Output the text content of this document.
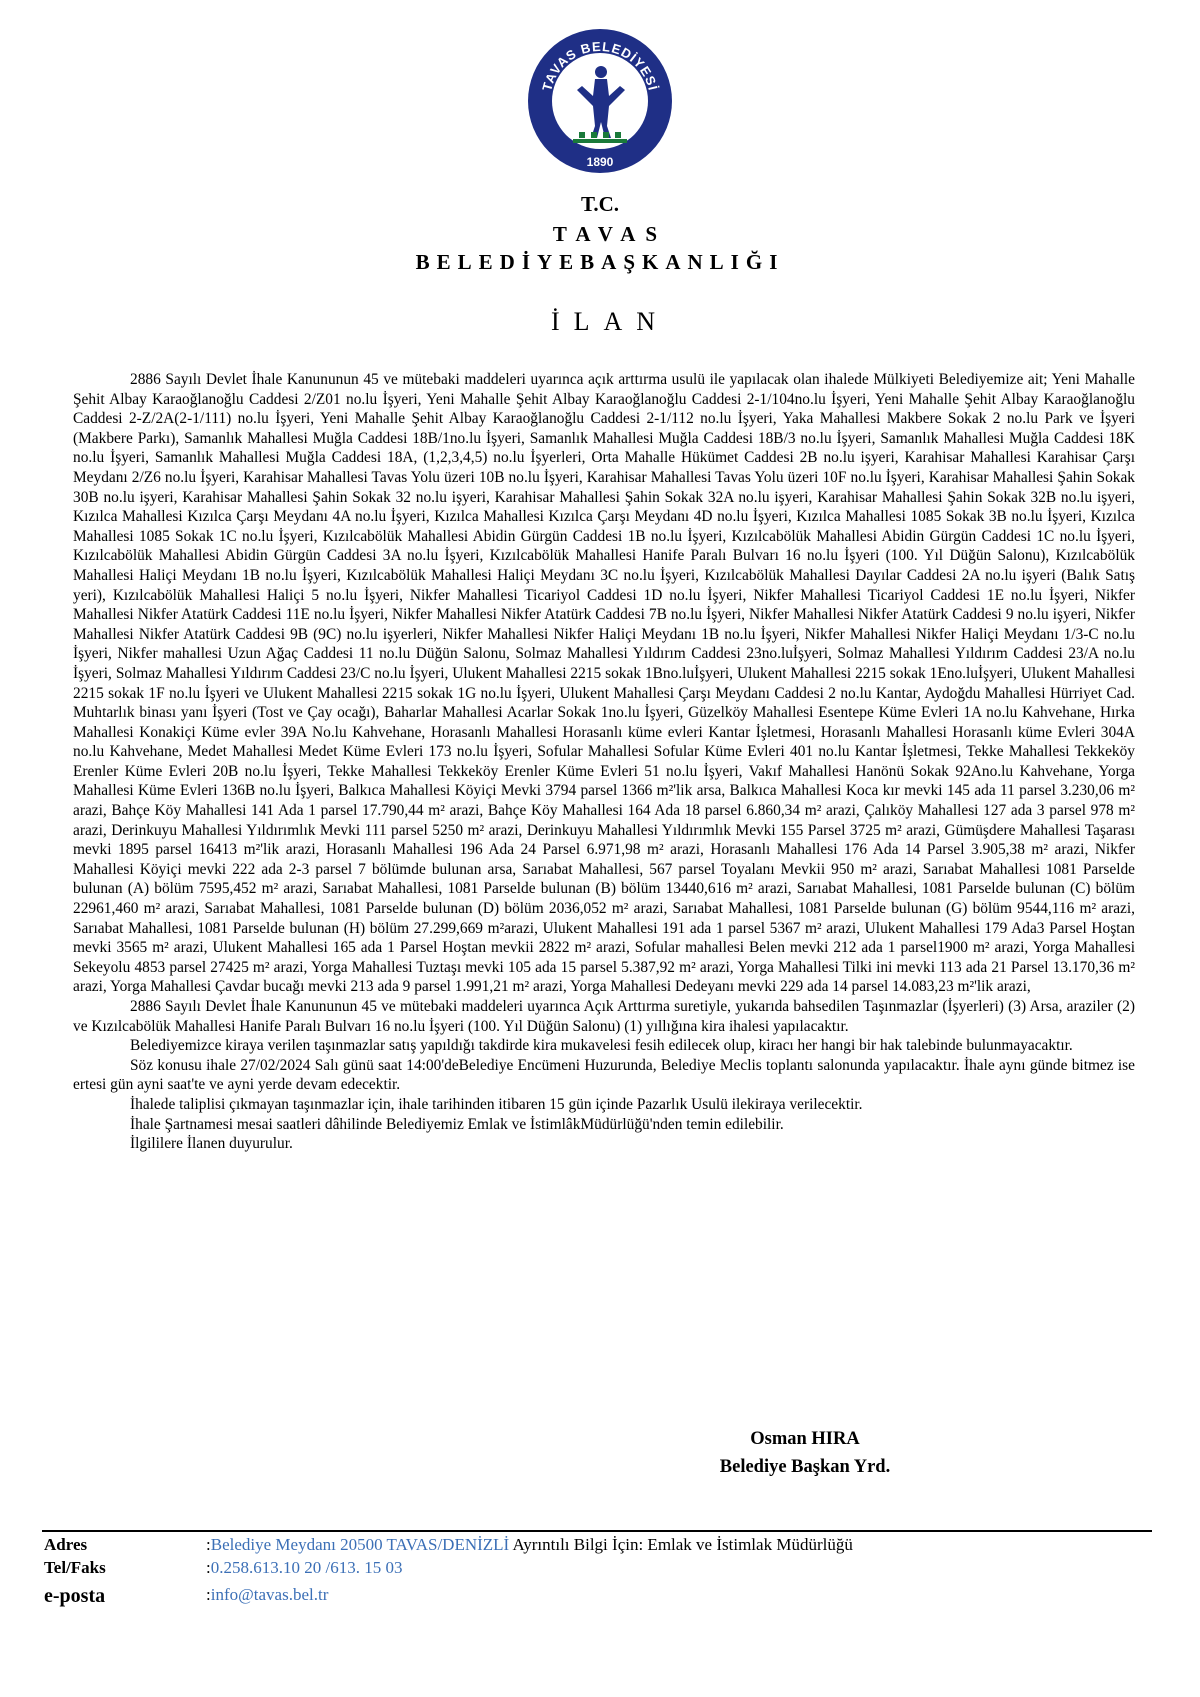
TAVAS BELEDİYESİ
1890
T.C.
TAVAS
BELEDİYEBAŞKANLIĞI
İLAN

2886 Sayılı Devlet İhale Kanununun 45 ve mütebaki maddeleri uyarınca açık arttırma usulü ile yapılacak olan ihalede Mülkiyeti Belediyemize ait; Yeni Mahalle Şehit Albay Karaoğlanoğlu Caddesi 2/Z01 no.lu İşyeri, Yeni Mahalle Şehit Albay Karaoğlanoğlu Caddesi 2-1/104no.lu İşyeri, Yeni Mahalle Şehit Albay Karaoğlanoğlu Caddesi 2-Z/2A(2-1/111) no.lu İşyeri, Yeni Mahalle Şehit Albay Karaoğlanoğlu Caddesi 2-1/112 no.lu İşyeri, Yaka Mahallesi Makbere Sokak 2 no.lu Park ve İşyeri (Makbere Parkı), Samanlık Mahallesi Muğla Caddesi 18B/1no.lu İşyeri, Samanlık Mahallesi Muğla Caddesi 18B/3 no.lu İşyeri, Samanlık Mahallesi Muğla Caddesi 18K no.lu İşyeri, Samanlık Mahallesi Muğla Caddesi 18A, (1,2,3,4,5) no.lu İşyerleri, Orta Mahalle Hükümet Caddesi 2B no.lu işyeri, Karahisar Mahallesi Karahisar Çarşı Meydanı 2/Z6 no.lu İşyeri, Karahisar Mahallesi Tavas Yolu üzeri 10B no.lu İşyeri, Karahisar Mahallesi Tavas Yolu üzeri 10F no.lu İşyeri, Karahisar Mahallesi Şahin Sokak 30B no.lu işyeri, Karahisar Mahallesi Şahin Sokak 32 no.lu işyeri, Karahisar Mahallesi Şahin Sokak 32A no.lu işyeri, Karahisar Mahallesi Şahin Sokak 32B no.lu işyeri, Kızılca Mahallesi Kızılca Çarşı Meydanı 4A no.lu İşyeri, Kızılca Mahallesi Kızılca Çarşı Meydanı 4D no.lu İşyeri, Kızılca Mahallesi 1085 Sokak 3B no.lu İşyeri, Kızılca Mahallesi 1085 Sokak 1C no.lu İşyeri, Kızılcabölük Mahallesi Abidin Gürgün Caddesi 1B no.lu İşyeri, Kızılcabölük Mahallesi Abidin Gürgün Caddesi 1C no.lu İşyeri, Kızılcabölük Mahallesi Abidin Gürgün Caddesi 3A no.lu İşyeri, Kızılcabölük Mahallesi Hanife Paralı Bulvarı 16 no.lu İşyeri (100. Yıl Düğün Salonu), Kızılcabölük Mahallesi Haliçi Meydanı 1B no.lu İşyeri, Kızılcabölük Mahallesi Haliçi Meydanı 3C no.lu İşyeri, Kızılcabölük Mahallesi Dayılar Caddesi 2A no.lu işyeri (Balık Satış yeri), Kızılcabölük Mahallesi Haliçi 5 no.lu İşyeri, Nikfer Mahallesi Ticariyol Caddesi 1D no.lu İşyeri, Nikfer Mahallesi Ticariyol Caddesi 1E no.lu İşyeri, Nikfer Mahallesi Nikfer Atatürk Caddesi 11E no.lu İşyeri, Nikfer Mahallesi Nikfer Atatürk Caddesi 7B no.lu İşyeri, Nikfer Mahallesi Nikfer Atatürk Caddesi 9 no.lu işyeri, Nikfer Mahallesi Nikfer Atatürk Caddesi 9B (9C) no.lu işyerleri, Nikfer Mahallesi Nikfer Haliçi Meydanı 1B no.lu İşyeri, Nikfer Mahallesi Nikfer Haliçi Meydanı 1/3-C no.lu İşyeri, Nikfer mahallesi Uzun Ağaç Caddesi 11 no.lu Düğün Salonu, Solmaz Mahallesi Yıldırım Caddesi 23no.luİşyeri, Solmaz Mahallesi Yıldırım Caddesi 23/A no.lu İşyeri, Solmaz Mahallesi Yıldırım Caddesi 23/C no.lu İşyeri, Ulukent Mahallesi 2215 sokak 1Bno.luİşyeri, Ulukent Mahallesi 2215 sokak 1Eno.luİşyeri, Ulukent Mahallesi 2215 sokak 1F no.lu İşyeri ve Ulukent Mahallesi 2215 sokak 1G no.lu İşyeri, Ulukent Mahallesi Çarşı Meydanı Caddesi 2 no.lu Kantar, Aydoğdu Mahallesi Hürriyet Cad. Muhtarlık binası yanı İşyeri (Tost ve Çay ocağı), Baharlar Mahallesi Acarlar Sokak 1no.lu İşyeri, Güzelköy Mahallesi Esentepe Küme Evleri 1A no.lu Kahvehane, Hırka Mahallesi Konakiçi Küme evler 39A No.lu Kahvehane, Horasanlı Mahallesi Horasanlı küme evleri Kantar İşletmesi, Horasanlı Mahallesi Horasanlı küme Evleri 304A no.lu Kahvehane, Medet Mahallesi Medet Küme Evleri 173 no.lu İşyeri, Sofular Mahallesi Sofular Küme Evleri 401 no.lu Kantar İşletmesi, Tekke Mahallesi Tekkeköy Erenler Küme Evleri 20B no.lu İşyeri, Tekke Mahallesi Tekkeköy Erenler Küme Evleri 51 no.lu İşyeri, Vakıf Mahallesi Hanönü Sokak 92Ano.lu Kahvehane, Yorga Mahallesi Küme Evleri 136B no.lu İşyeri, Balkıca Mahallesi Köyiçi Mevki 3794 parsel 1366 m²'lik arsa, Balkıca Mahallesi Koca kır mevki 145 ada 11 parsel 3.230,06 m² arazi, Bahçe Köy Mahallesi 141 Ada 1 parsel 17.790,44 m² arazi, Bahçe Köy Mahallesi 164 Ada 18 parsel 6.860,34 m² arazi, Çalıköy Mahallesi 127 ada 3 parsel 978 m² arazi, Derinkuyu Mahallesi Yıldırımlık Mevki 111 parsel 5250 m² arazi, Derinkuyu Mahallesi Yıldırımlık Mevki 155 Parsel 3725 m² arazi, Gümüşdere Mahallesi Taşarası mevki 1895 parsel 16413 m²'lik arazi, Horasanlı Mahallesi 196 Ada 24 Parsel 6.971,98 m² arazi, Horasanlı Mahallesi 176 Ada 14 Parsel 3.905,38 m² arazi, Nikfer Mahallesi Köyiçi mevki 222 ada 2-3 parsel 7 bölümde bulunan arsa, Sarıabat Mahallesi, 567 parsel Toyalanı Mevkii 950 m² arazi, Sarıabat Mahallesi 1081 Parselde bulunan (A) bölüm 7595,452 m² arazi, Sarıabat Mahallesi, 1081 Parselde bulunan (B) bölüm 13440,616 m² arazi, Sarıabat Mahallesi, 1081 Parselde bulunan (C) bölüm 22961,460 m² arazi, Sarıabat Mahallesi, 1081 Parselde bulunan (D) bölüm 2036,052 m² arazi, Sarıabat Mahallesi, 1081 Parselde bulunan (G) bölüm 9544,116 m² arazi, Sarıabat Mahallesi, 1081 Parselde bulunan (H) bölüm 27.299,669 m²arazi, Ulukent Mahallesi 191 ada 1 parsel 5367 m² arazi, Ulukent Mahallesi 179 Ada3 Parsel Hoştan mevki 3565 m² arazi, Ulukent Mahallesi 165 ada 1 Parsel Hoştan mevkii 2822 m² arazi, Sofular mahallesi Belen mevki 212 ada 1 parsel1900 m² arazi, Yorga Mahallesi Sekeyolu 4853 parsel 27425 m² arazi, Yorga Mahallesi Tuztaşı mevki 105 ada 15 parsel 5.387,92 m² arazi, Yorga Mahallesi Tilki ini mevki 113 ada 21 Parsel 13.170,36 m² arazi, Yorga Mahallesi Çavdar bucağı mevki 213 ada 9 parsel 1.991,21 m² arazi, Yorga Mahallesi Dedeyanı mevki 229 ada 14 parsel 14.083,23 m²'lik arazi,

2886 Sayılı Devlet İhale Kanununun 45 ve mütebaki maddeleri uyarınca Açık Arttırma suretiyle, yukarıda bahsedilen Taşınmazlar (İşyerleri) (3) Arsa, araziler (2) ve Kızılcabölük Mahallesi Hanife Paralı Bulvarı 16 no.lu İşyeri (100. Yıl Düğün Salonu) (1) yıllığına kira ihalesi yapılacaktır.

Belediyemizce kiraya verilen taşınmazlar satış yapıldığı takdirde kira mukavelesi fesih edilecek olup, kiracı her hangi bir hak talebinde bulunmayacaktır.

Söz konusu ihale 27/02/2024 Salı günü saat 14:00'deBelediye Encümeni Huzurunda, Belediye Meclis toplantı salonunda yapılacaktır. İhale aynı günde bitmez ise ertesi gün ayni saat'te ve ayni yerde devam edecektir.

İhalede taliplisi çıkmayan taşınmazlar için, ihale tarihinden itibaren 15 gün içinde Pazarlık Usulü ilekiraya verilecektir.

İhale Şartnamesi mesai saatleri dâhilinde Belediyemiz Emlak ve İstimlâkMüdürlüğü'nden temin edilebilir.

İlgililere İlanen duyurulur.

Osman HIRA
Belediye Başkan Yrd.
Adres	:Belediye Meydanı 20500 TAVAS/DENİZLİ Ayrıntılı Bilgi İçin: Emlak ve İstimlak Müdürlüğü
Tel/Faks	:0.258.613.10 20 /613. 15 03
e-posta	:info@tavas.bel.tr
